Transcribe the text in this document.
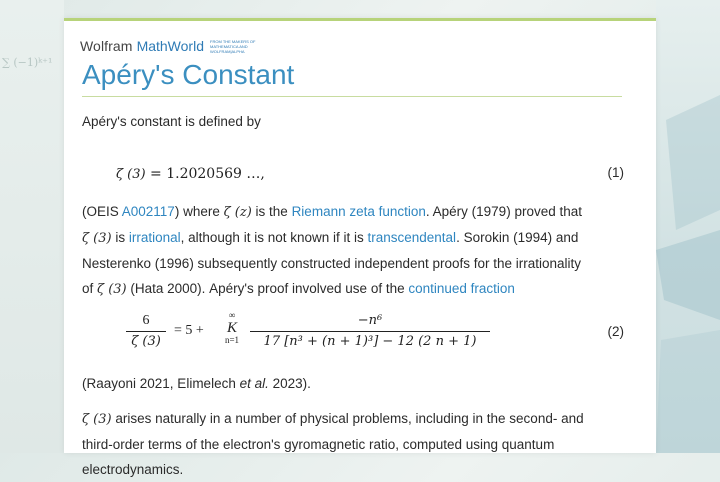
∑ (−1)ᵏ⁺¹
Wolfram MathWorld FROM THE MAKERS OF MATHEMATICA AND WOLFRAM|ALPHA
Apéry's Constant

Apéry's constant is defined by

ζ (3) = 1.2020569 …,	(1)
(OEIS A002117) where ζ (z) is the Riemann zeta function. Apéry (1979) proved that
ζ (3) is irrational, although it is not known if it is transcendental. Sorokin (1994) and
Nesterenko (1996) subsequently constructed independent proofs for the irrationality
of ζ (3) (Hata 2000). Apéry's proof involved use of the continued fraction
6
ζ (3)
= 5 +
∞
K
n=1
−n⁶
17 [n³ + (n + 1)³] − 12 (2 n + 1)
(2)

(Raayoni 2021, Elimelech et al. 2023).

ζ (3) arises naturally in a number of physical problems, including in the second- and
third-order terms of the electron's gyromagnetic ratio, computed using quantum
electrodynamics.
